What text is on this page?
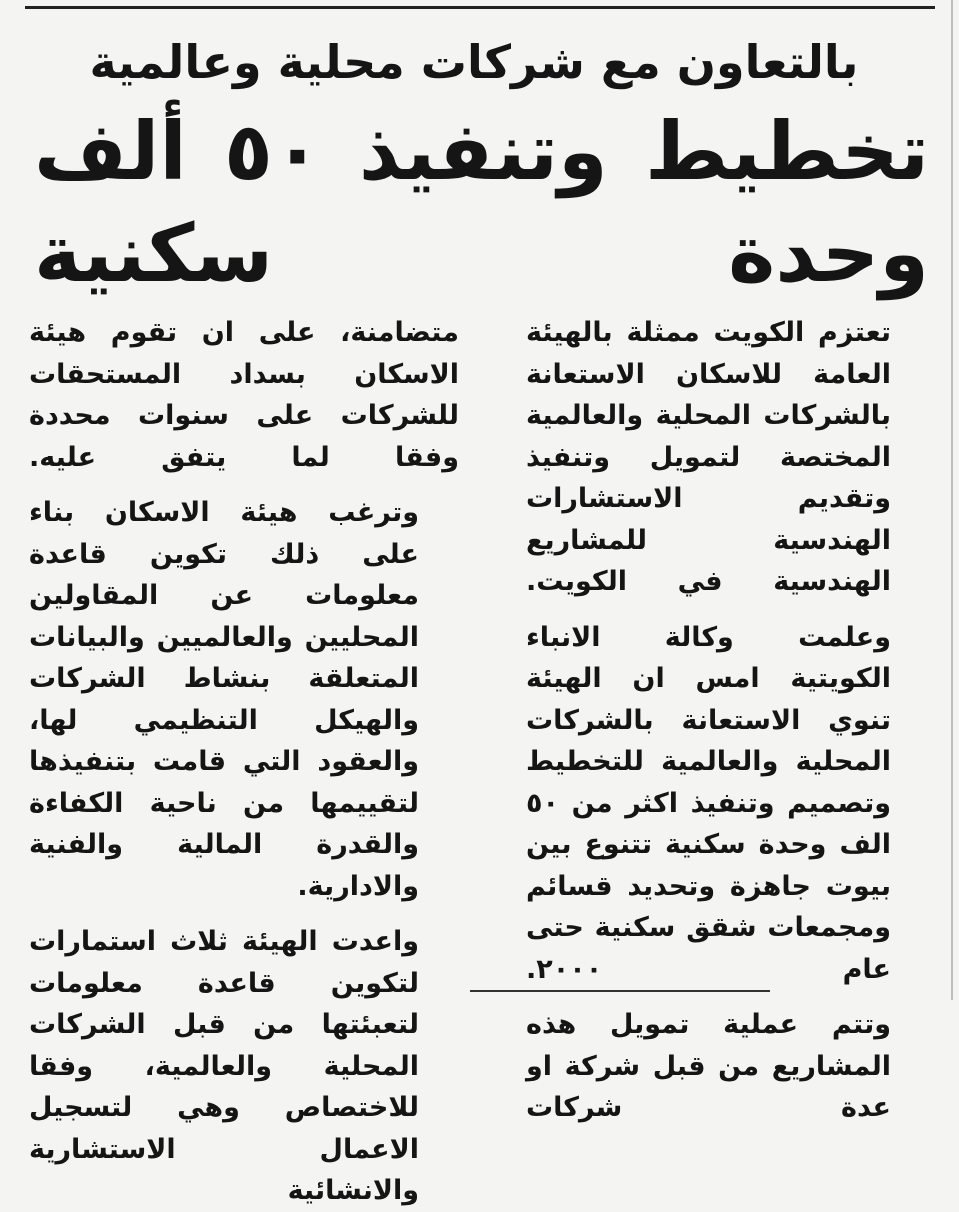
بالتعاون مع شركات محلية وعالمية
تخطيط وتنفيذ ٥٠ ألف
وحدة سكنية

تعتزم الكويت ممثلة بالهيئة العامة للاسكان الاستعانة بالشركات المحلية والعالمية المختصة لتمويل وتنفيذ وتقديم الاستشارات الهندسية للمشاريع الهندسية في الكويت.

وعلمت وكالة الانباء الكويتية امس ان الهيئة تنوي الاستعانة بالشركات المحلية والعالمية للتخطيط وتصميم وتنفيذ اكثر من ٥٠ الف وحدة سكنية تتنوع بين بيوت جاهزة وتحديد قسائم ومجمعات شقق سكنية حتى عام ٢٠٠٠.

وتتم عملية تمويل هذه المشاريع من قبل شركة او عدة شركات

متضامنة، على ان تقوم هيئة الاسكان بسداد المستحقات للشركات على سنوات محددة وفقا لما يتفق عليه.

وترغب هيئة الاسكان بناء على ذلك تكوين قاعدة معلومات عن المقاولين المحليين والعالميين والبيانات المتعلقة بنشاط الشركات والهيكل التنظيمي لها، والعقود التي قامت بتنفيذها لتقييمها من ناحية الكفاءة والقدرة المالية والفنية والادارية.

واعدت الهيئة ثلاث استمارات لتكوين قاعدة معلومات لتعبئتها من قبل الشركات المحلية والعالمية، وفقا للاختصاص وهي لتسجيل الاعمال الاستشارية والانشائية
